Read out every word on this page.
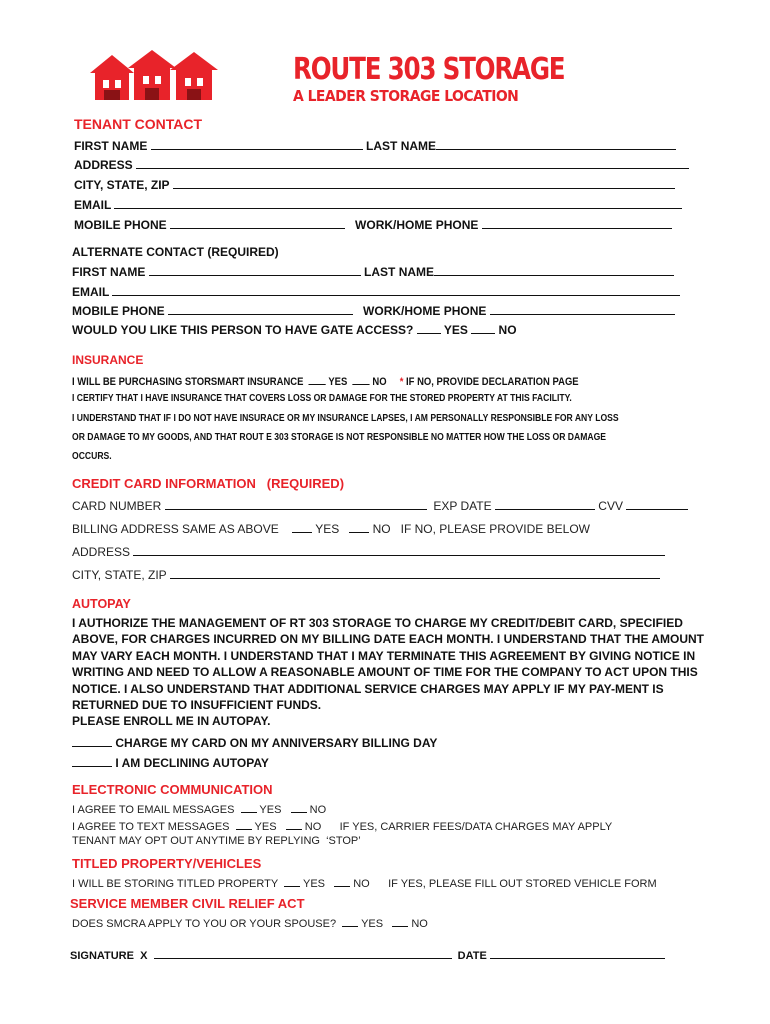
ROUTE 303 STORAGE
A LEADER STORAGE LOCATION
TENANT CONTACT
FIRST NAME	LAST NAME
ADDRESS
CITY, STATE, ZIP
EMAIL
MOBILE PHONE	WORK/HOME PHONE
ALTERNATE CONTACT (REQUIRED)
FIRST NAME	LAST NAME
EMAIL
MOBILE PHONE	WORK/HOME PHONE
WOULD YOU LIKE THIS PERSON TO HAVE GATE ACCESS?	YES	NO
INSURANCE
I WILL BE PURCHASING STORSMART INSURANCE YES NO * IF NO, PROVIDE DECLARATION PAGE
I CERTIFY THAT I HAVE INSURANCE THAT COVERS LOSS OR DAMAGE FOR THE STORED PROPERTY AT THIS FACILITY.
I UNDERSTAND THAT IF I DO NOT HAVE INSURACE OR MY INSURANCE LAPSES, I AM PERSONALLY RESPONSIBLE FOR ANY LOSS
OR DAMAGE TO MY GOODS, AND THAT ROUT E 303 STORAGE IS NOT RESPONSIBLE NO MATTER HOW THE LOSS OR DAMAGE
OCCURS.
CREDIT CARD INFORMATION   (REQUIRED)
CARD NUMBER	EXP DATE	CVV
BILLING ADDRESS SAME AS ABOVE	YES	NO IF NO, PLEASE PROVIDE BELOW
ADDRESS
CITY, STATE, ZIP
AUTOPAY
I AUTHORIZE THE MANAGEMENT OF RT 303 STORAGE TO CHARGE MY CREDIT/DEBIT CARD, SPECIFIED ABOVE, FOR CHARGES INCURRED ON MY BILLING DATE EACH MONTH. I UNDERSTAND THAT THE AMOUNT MAY VARY EACH MONTH. I UNDERSTAND THAT I MAY TERMINATE THIS AGREEMENT BY GIVING NOTICE IN WRITING AND NEED TO ALLOW A REASONABLE AMOUNT OF TIME FOR THE COMPANY TO ACT UPON THIS NOTICE. I ALSO UNDERSTAND THAT ADDITIONAL SERVICE CHARGES MAY APPLY IF MY PAY-MENT IS RETURNED DUE TO INSUFFICIENT FUNDS.
PLEASE ENROLL ME IN AUTOPAY.
CHARGE MY CARD ON MY ANNIVERSARY BILLING DAY
I AM DECLINING AUTOPAY
ELECTRONIC COMMUNICATION
I AGREE TO EMAIL MESSAGES YES	NO
I AGREE TO TEXT MESSAGES YES	NO IF YES, CARRIER FEES/DATA CHARGES MAY APPLY
TENANT MAY OPT OUT ANYTIME BY REPLYING  ‘STOP’
TITLED PROPERTY/VEHICLES
I WILL BE STORING TITLED PROPERTY YES	NO IF YES, PLEASE FILL OUT STORED VEHICLE FORM
SERVICE MEMBER CIVIL RELIEF ACT
DOES SMCRA APPLY TO YOU OR YOUR SPOUSE? YES	NO
SIGNATURE  X	DATE
